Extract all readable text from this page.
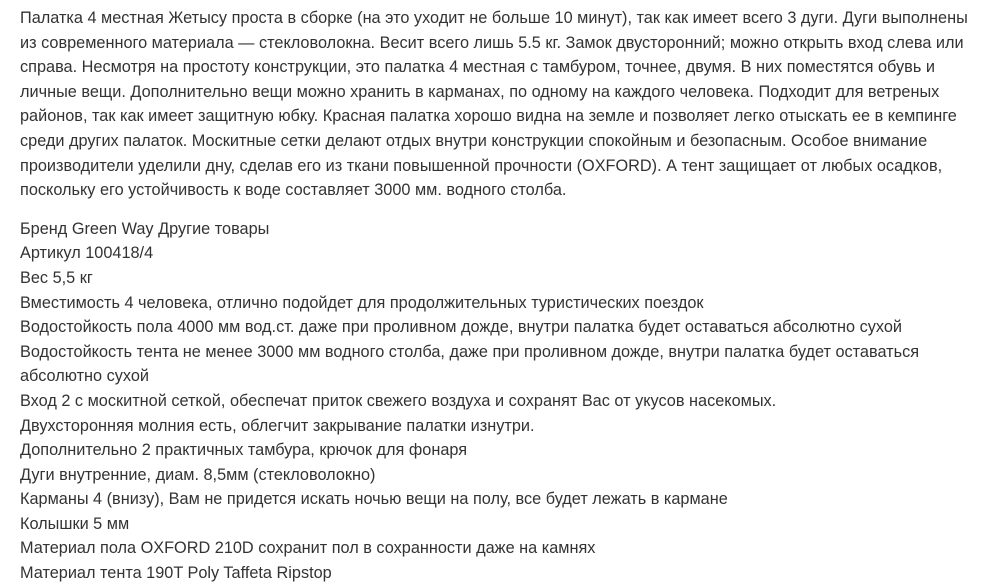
Палатка 4 местная Жетысу проста в сборке (на это уходит не больше 10 минут), так как имеет всего 3 дуги. Дуги выполнены из современного материала — стекловолокна. Весит всего лишь 5.5 кг. Замок двусторонний; можно открыть вход слева или справа. Несмотря на простоту конструкции, это палатка 4 местная с тамбуром, точнее, двумя. В них поместятся обувь и личные вещи. Дополнительно вещи можно хранить в карманах, по одному на каждого человека. Подходит для ветреных районов, так как имеет защитную юбку. Красная палатка хорошо видна на земле и позволяет легко отыскать ее в кемпинге среди других палаток. Москитные сетки делают отдых внутри конструкции спокойным и безопасным. Особое внимание производители уделили дну, сделав его из ткани повышенной прочности (OXFORD). А тент защищает от любых осадков, поскольку его устойчивость к воде составляет 3000 мм. водного столба.

Бренд Green Way Другие товары
Артикул 100418/4
Вес 5,5 кг
Вместимость 4 человека, отлично подойдет для продолжительных туристических поездок
Водостойкость пола 4000 мм вод.ст. даже при проливном дожде, внутри палатка будет оставаться абсолютно сухой
Водостойкость тента не менее 3000 мм водного столба, даже при проливном дожде, внутри палатка будет оставаться абсолютно сухой
Вход 2 с москитной сеткой, обеспечат приток свежего воздуха и сохранят Вас от укусов насекомых.
Двухсторонняя молния есть, облегчит закрывание палатки изнутри.
Дополнительно 2 практичных тамбура, крючок для фонаря
Дуги внутренние, диам. 8,5мм (стекловолокно)
Карманы 4 (внизу), Вам не придется искать ночью вещи на полу, все будет лежать в кармане
Колышки 5 мм
Материал пола OXFORD 210D сохранит пол в сохранности даже на камнях
Материал тента 190T Poly Taffeta Ripstop
